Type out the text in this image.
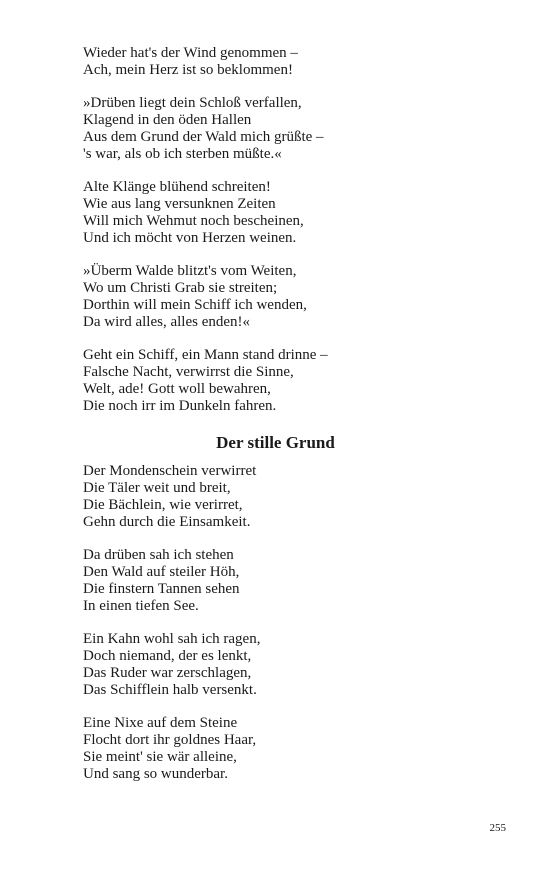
Wieder hat's der Wind genommen –
Ach, mein Herz ist so beklommen!
»Drüben liegt dein Schloß verfallen,
Klagend in den öden Hallen
Aus dem Grund der Wald mich grüßte –
's war, als ob ich sterben müßte.«
Alte Klänge blühend schreiten!
Wie aus lang versunknen Zeiten
Will mich Wehmut noch bescheinen,
Und ich möcht von Herzen weinen.
»Überm Walde blitzt's vom Weiten,
Wo um Christi Grab sie streiten;
Dorthin will mein Schiff ich wenden,
Da wird alles, alles enden!«
Geht ein Schiff, ein Mann stand drinne –
Falsche Nacht, verwirrst die Sinne,
Welt, ade! Gott woll bewahren,
Die noch irr im Dunkeln fahren.
Der stille Grund
Der Mondenschein verwirret
Die Täler weit und breit,
Die Bächlein, wie verirret,
Gehn durch die Einsamkeit.
Da drüben sah ich stehen
Den Wald auf steiler Höh,
Die finstern Tannen sehen
In einen tiefen See.
Ein Kahn wohl sah ich ragen,
Doch niemand, der es lenkt,
Das Ruder war zerschlagen,
Das Schifflein halb versenkt.
Eine Nixe auf dem Steine
Flocht dort ihr goldnes Haar,
Sie meint' sie wär alleine,
Und sang so wunderbar.
255
